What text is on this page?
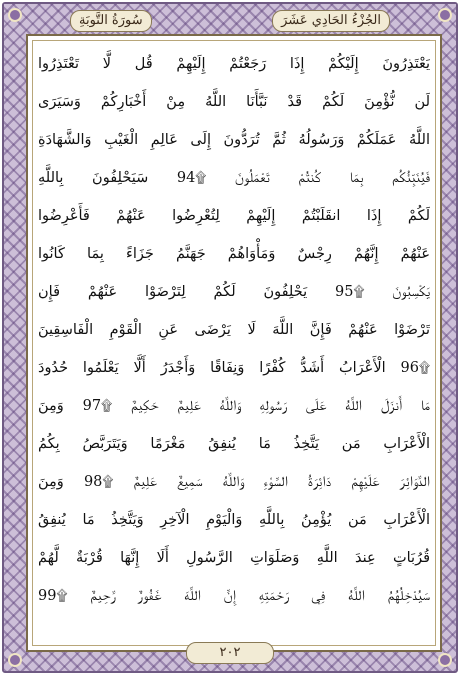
سُورَةُ التَّوبَةِ	الجُزْءُ الحَادِي عَشَرَ
يَعْتَذِرُونَ إِلَيْكُمْ إِذَا رَجَعْتُمْ إِلَيْهِمْ قُل لَّا تَعْتَذِرُوا
لَن نُّؤْمِنَ لَكُمْ قَدْ نَبَّأَنَا اللَّهُ مِنْ أَخْبَارِكُمْ وَسَيَرَى
اللَّهُ عَمَلَكُمْ وَرَسُولُهُ ثُمَّ تُرَدُّونَ إِلَى عَالِمِ الْغَيْبِ وَالشَّهَادَةِ
فَيُنَبِّئُكُم بِمَا كُنتُمْ تَعْمَلُونَ ۩94 سَيَحْلِفُونَ بِاللَّهِ
لَكُمْ إِذَا انقَلَبْتُمْ إِلَيْهِمْ لِتُعْرِضُوا عَنْهُمْ فَأَعْرِضُوا
عَنْهُمْ إِنَّهُمْ رِجْسٌ وَمَأْوَاهُمْ جَهَنَّمُ جَزَاءً بِمَا كَانُوا
يَكْسِبُونَ ۩95 يَحْلِفُونَ لَكُمْ لِتَرْضَوْا عَنْهُمْ فَإِن
تَرْضَوْا عَنْهُمْ فَإِنَّ اللَّهَ لَا يَرْضَى عَنِ الْقَوْمِ الْفَاسِقِينَ
۩96 الْأَعْرَابُ أَشَدُّ كُفْرًا وَنِفَاقًا وَأَجْدَرُ أَلَّا يَعْلَمُوا حُدُودَ
مَا أَنزَلَ اللَّهُ عَلَى رَسُولِهِ وَاللَّهُ عَلِيمٌ حَكِيمٌ ۩97 وَمِنَ
الْأَعْرَابِ مَن يَتَّخِذُ مَا يُنفِقُ مَغْرَمًا وَيَتَرَبَّصُ بِكُمُ
الدَّوَائِرَ عَلَيْهِمْ دَائِرَةُ السَّوْءِ وَاللَّهُ سَمِيعٌ عَلِيمٌ ۩98 وَمِنَ
الْأَعْرَابِ مَن يُؤْمِنُ بِاللَّهِ وَالْيَوْمِ الْآخِرِ وَيَتَّخِذُ مَا يُنفِقُ
قُرُبَاتٍ عِندَ اللَّهِ وَصَلَوَاتِ الرَّسُولِ أَلَا إِنَّهَا قُرْبَةٌ لَّهُمْ
سَيُدْخِلُهُمُ اللَّهُ فِي رَحْمَتِهِ إِنَّ اللَّهَ غَفُورٌ رَّحِيمٌ ۩99
٢٠٢
